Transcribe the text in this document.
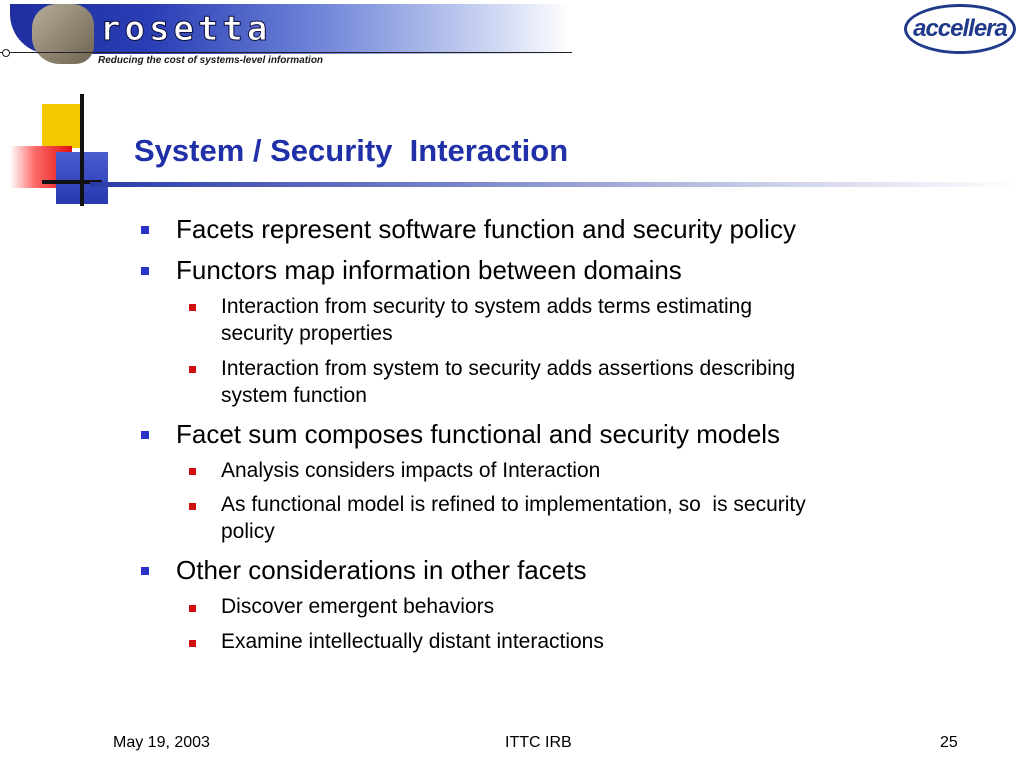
rosetta
Reducing the cost of systems-level information
accellera
System / Security  Interaction
Facets represent software function and security policy
Functors map information between domains
Interaction from security to system adds terms estimating
security properties
Interaction from system to security adds assertions describing
system function
Facet sum composes functional and security models
Analysis considers impacts of Interaction
As functional model is refined to implementation, so  is security
policy
Other considerations in other facets
Discover emergent behaviors
Examine intellectually distant interactions
May 19, 2003	ITTC IRB	25
